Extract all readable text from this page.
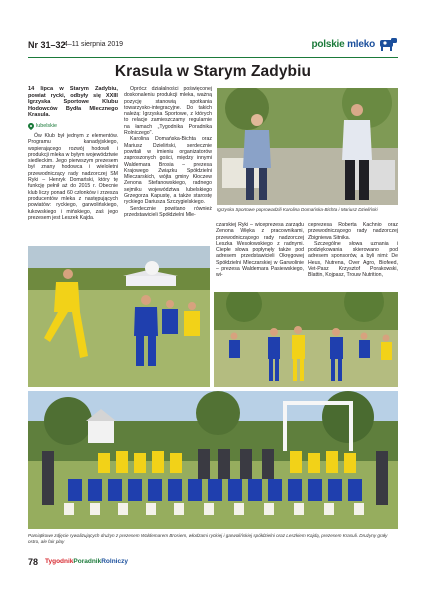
Nr 31–32
4–11 sierpnia 2019	polskie mleko
Krasula w Starym Zadybiu

14 lipca w Starym Zadybiu, powiat rycki, odbyły się XXIII Igrzyska Sportowe Klubu Hodowców Bydła Mlecznego Krasula.

lubelskie

Ów Klub był jednym z elementów. Programu kanadyjskiego, wspierającego rozwój hodowli i produkcji mleka w byłym województwie siedleckim. Jego pierwszym prezesem był znany hodowca i wieloletni przewodniczący rady nadzorczej SM Ryki – Henryk Domański, który tę funkcję pełnił aż do 2015 r. Obecnie klub liczy ponad 60 członków i zrzesza producentów mleka z następujących powiatów: ryckiego, garwolińskiego, łukowskiego i mińskiego, zaś jego prezesem jest Leszek Kajda.

Oprócz działalności poświęconej doskonaleniu produkcji mleka, ważną pozycję stanowią spotkania towarzysko-integracyjne. Do takich należą: Igrzyska Sportowe, z których to relacje zamieszczamy regularnie na łamach „Tygodnika Poradnika Rolniczego".

Karolina Domańska-Bichta oraz Mariusz Dzieliński, serdecznie powitali w imieniu organizatorów zaproszonych gości, między innymi Waldemara Brosia – prezesa Krajowego Związku Spółdzielni Mleczarskich, wójta gminy Kłoczew Zenona Stefanowskiego, radnego sejmiku województwa lubelskiego Grzegorza Kapustę, a także starostę ryckiego Dariusza Szczygielskiego.

Serdecznie powitano również przedstawicieli Spółdzielni Mle-

Igrzyska Sportowe poprowadzili Karolina Domańska-Bichta i Mariusz Dzieliński

czarskiej Ryki – wiceprezesa zarządu Zenona Więka z pracownikami, przewodniczącego rady nadzorczej Leszka Wesołowskiego z radnymi. Ciepłe słowa popłynęły także pod adresem przedstawicieli Okręgowej Spółdzielni Mleczarskiej w Garwolinie – prezesa Waldemara Pasiewskiego, wi-

ceprezesa Roberta Kachnio oraz przewodniczącego rady nadzorczej Zbigniewa Sitnika.

Szczególne słowa uznania i podziękowania skierowano pod adresem sponsorów, a byli nimi: De Heus, Nutrena, Over Agro, Biofeed, Vet-Pasz Krzysztof Porakowski, Blattin, Kojpasz, Trouw Nutrition,

Pamiątkowe zdjęcie rywalizujących drużyn z prezesem Waldemarem Brosiem, włodzami ryckiej i garwolińskiej spółdzielni oraz Leszkiem Kajdą, prezesem Krasuli. Drużyny grały ostro, ale fair play
78 TygodnikPoradnikRolniczy
